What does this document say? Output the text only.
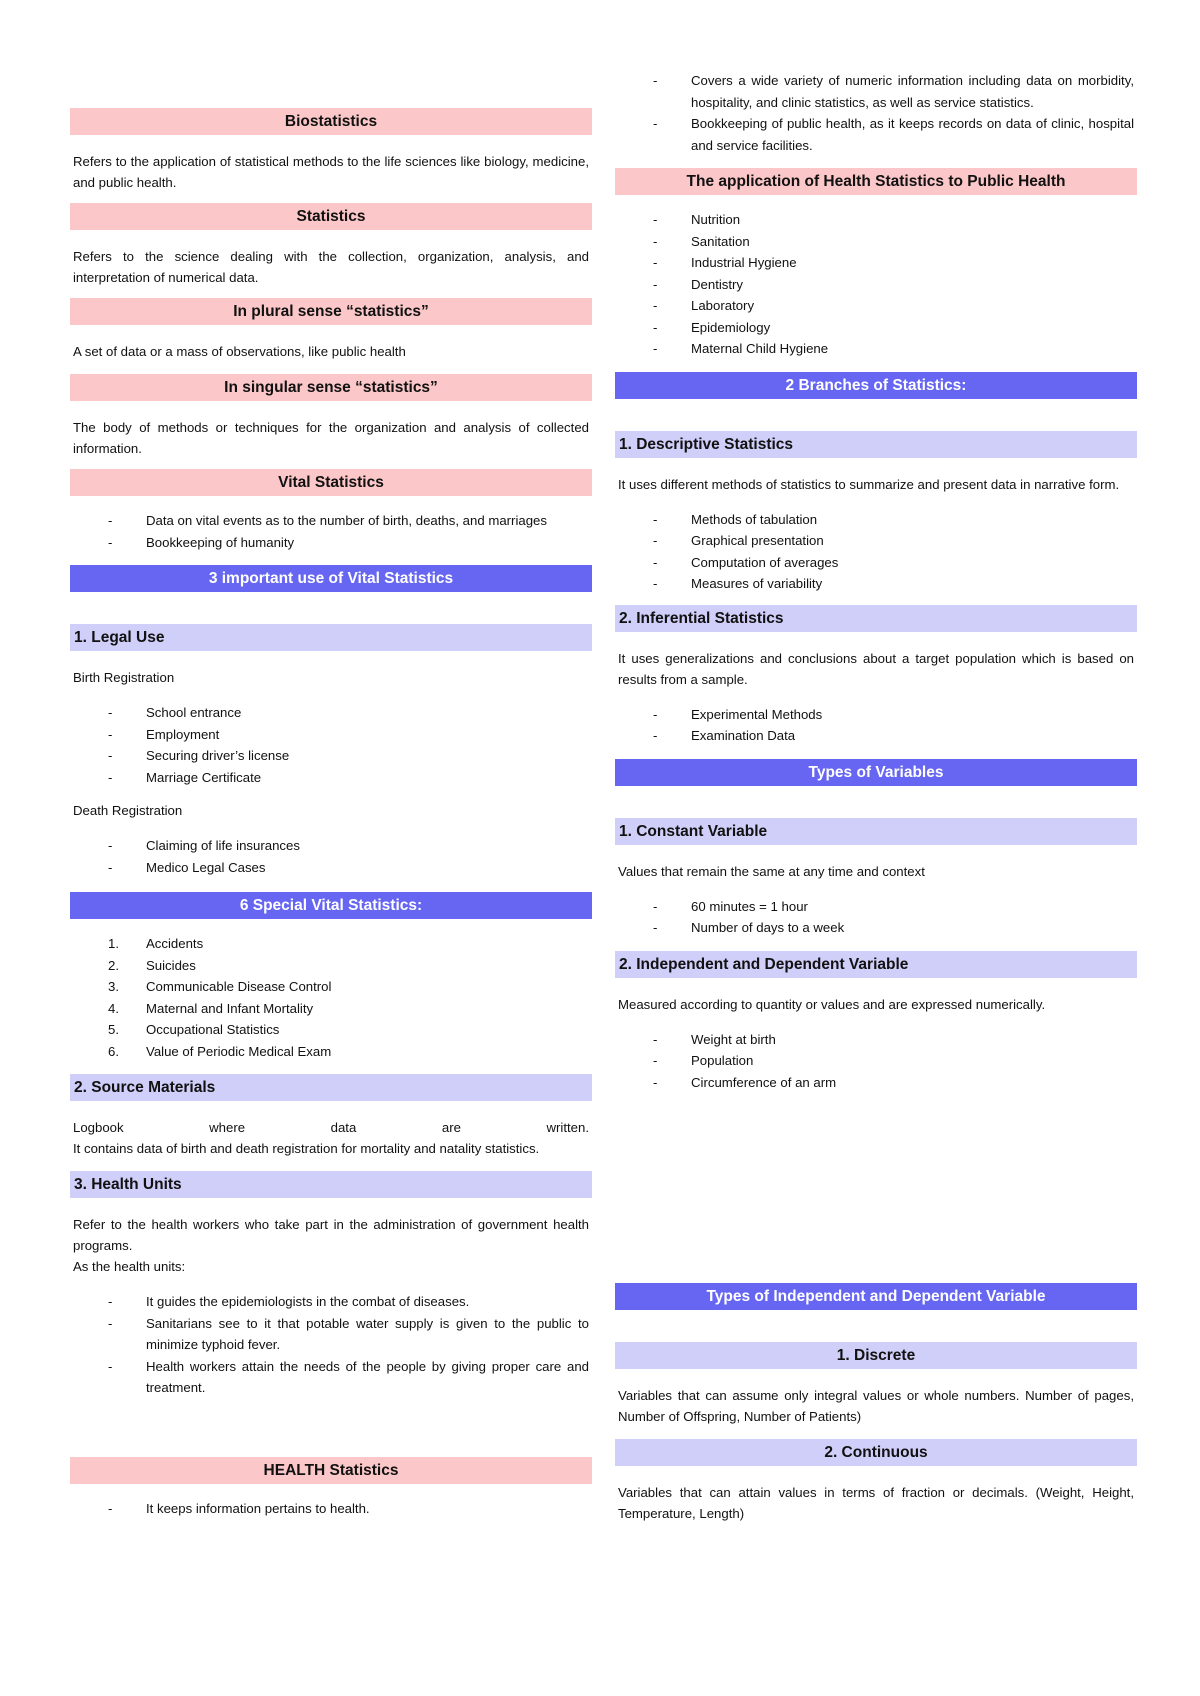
Biostatistics

Refers to the application of statistical methods to the life sciences like biology, medicine, and public health.

Statistics

Refers to the science dealing with the collection, organization, analysis, and interpretation of numerical data.

In plural sense “statistics”

A set of data or a mass of observations, like public health

In singular sense “statistics”

The body of methods or techniques for the organization and analysis of collected information.

Vital Statistics
- Data on vital events as to the number of birth, deaths, and marriages
- Bookkeeping of humanity
3 important use of Vital Statistics
1. Legal Use

Birth Registration

- School entrance
- Employment
- Securing driver’s license
- Marriage Certificate

Death Registration

- Claiming of life insurances
- Medico Legal Cases
6 Special Vital Statistics:
1. Accidents
2. Suicides
3. Communicable Disease Control
4. Maternal and Infant Mortality
5. Occupational Statistics
6. Value of Periodic Medical Exam
2. Source Materials

Logbook where data are written.

It contains data of birth and death registration for mortality and natality statistics.

3. Health Units

Refer to the health workers who take part in the administration of government health programs.

As the health units:

- It guides the epidemiologists in the combat of diseases.
- Sanitarians see to it that potable water supply is given to the public to minimize typhoid fever.
- Health workers attain the needs of the people by giving proper care and treatment.
HEALTH Statistics
- It keeps information pertains to health.
- Covers a wide variety of numeric information including data on morbidity, hospitality, and clinic statistics, as well as service statistics.
- Bookkeeping of public health, as it keeps records on data of clinic, hospital and service facilities.
The application of Health Statistics to Public Health
- Nutrition
- Sanitation
- Industrial Hygiene
- Dentistry
- Laboratory
- Epidemiology
- Maternal Child Hygiene
2 Branches of Statistics:
1. Descriptive Statistics

It uses different methods of statistics to summarize and present data in narrative form.

- Methods of tabulation
- Graphical presentation
- Computation of averages
- Measures of variability
2. Inferential Statistics

It uses generalizations and conclusions about a target population which is based on results from a sample.

- Experimental Methods
- Examination Data
Types of Variables
1. Constant Variable

Values that remain the same at any time and context

- 60 minutes = 1 hour
- Number of days to a week
2. Independent and Dependent Variable

Measured according to quantity or values and are expressed numerically.

- Weight at birth
- Population
- Circumference of an arm
Types of Independent and Dependent Variable
1. Discrete

Variables that can assume only integral values or whole numbers. Number of pages, Number of Offspring, Number of Patients)

2. Continuous

Variables that can attain values in terms of fraction or decimals. (Weight, Height, Temperature, Length)
